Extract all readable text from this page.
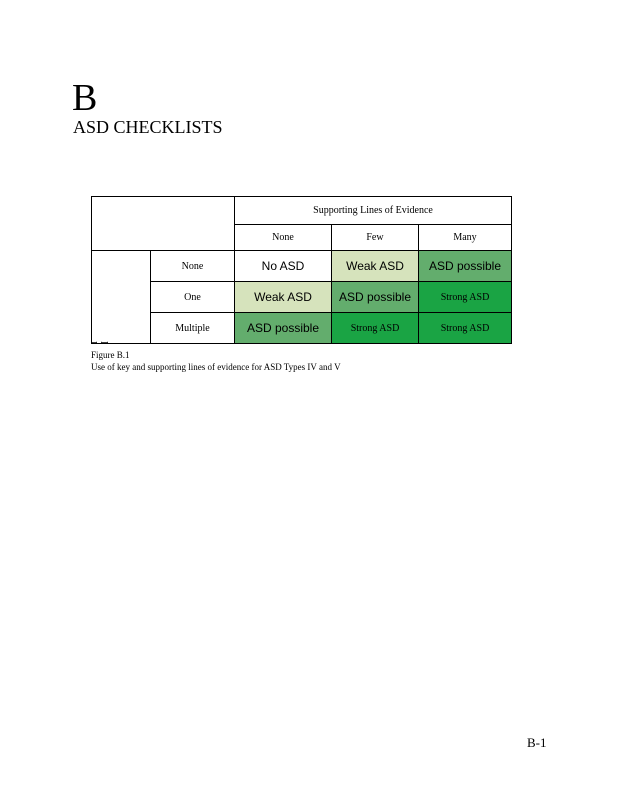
B
ASD CHECKLISTS
		Supporting Lines of Evidence		
		None	Few	Many

	None	No ASD	Weak ASD	ASD possible
	One	Weak ASD	ASD possible	Strong ASD
	Multiple	ASD possible	Strong ASD	Strong ASD
Figure B.1
Use of key and supporting lines of evidence for ASD Types IV and V
B-1
